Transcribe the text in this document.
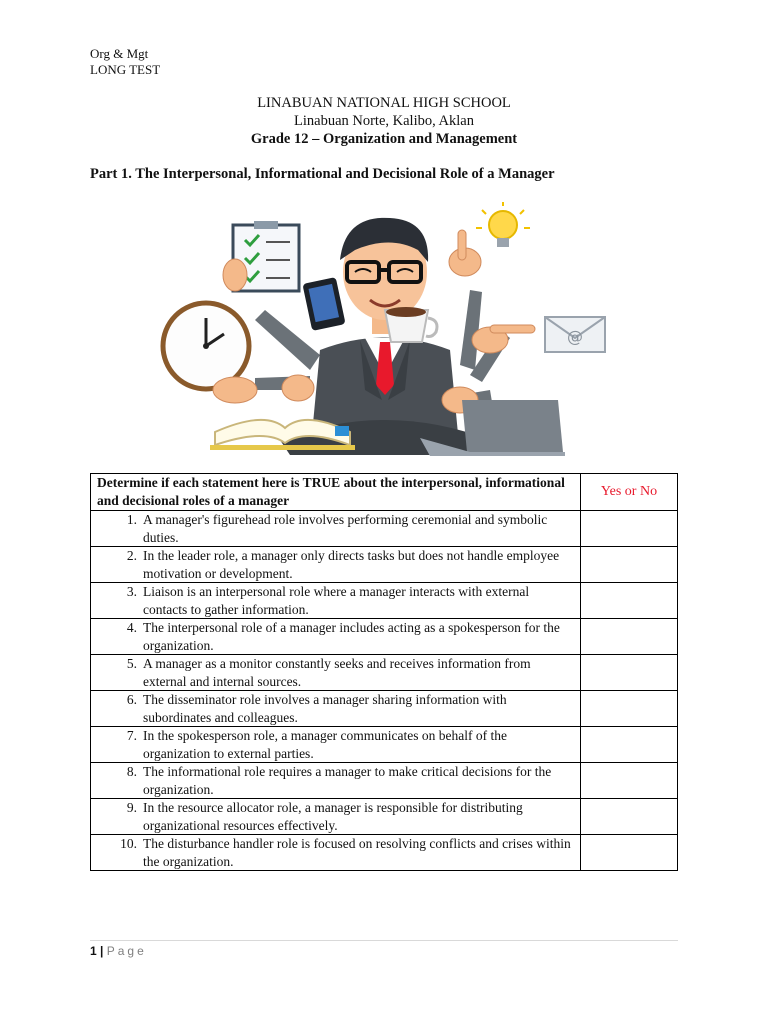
Org & Mgt
LONG TEST
LINABUAN NATIONAL HIGH SCHOOL
Linabuan Norte, Kalibo, Aklan
Grade 12 – Organization and Management
Part 1. The Interpersonal, Informational and Decisional Role of a Manager
@
Determine if each statement here is TRUE about the interpersonal, informational and decisional roles of a manager	Yes or No

1. A manager's figurehead role involves performing ceremonial and symbolic duties.	

2. In the leader role, a manager only directs tasks but does not handle employee motivation or development.	

3. Liaison is an interpersonal role where a manager interacts with external contacts to gather information.	

4. The interpersonal role of a manager includes acting as a spokesperson for the organization.	

5. A manager as a monitor constantly seeks and receives information from external and internal sources.	

6. The disseminator role involves a manager sharing information with subordinates and colleagues.	

7. In the spokesperson role, a manager communicates on behalf of the organization to external parties.	

8. The informational role requires a manager to make critical decisions for the organization.	

9. In the resource allocator role, a manager is responsible for distributing organizational resources effectively.	

10. The disturbance handler role is focused on resolving conflicts and crises within the organization.	

1 | Page
